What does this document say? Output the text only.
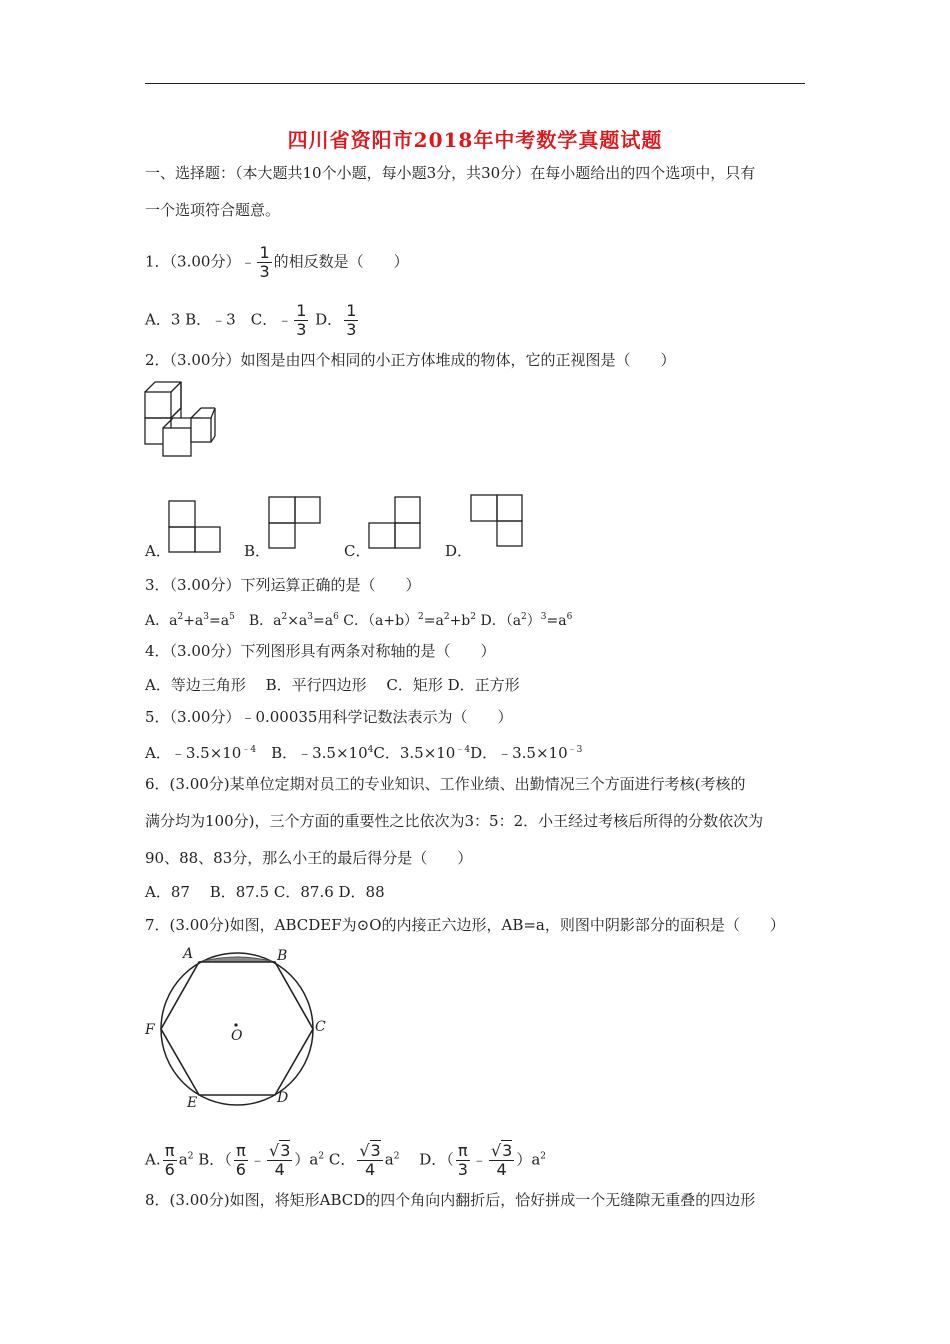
四川省资阳市2018年中考数学真题试题
一、选择题：（本大题共10个小题，每小题3分，共30分）在每小题给出的四个选项中，只有
一个选项符合题意。
1．（3.00分）﹣ $\frac{1}{3}$ 的相反数是（　　）
A．3 B．﹣3　C．﹣ $\frac{1}{3}$ D． $\frac{1}{3}$
2．（3.00分）如图是由四个相同的小正方体堆成的物体，它的正视图是（　　）
A．	B．	C．	D．
3．（3.00分）下列运算正确的是（　　）
A．$a^2+a^3=a^5$　B．$a^2\times a^3=a^6$ C．$(a+b)^2=a^2+b^2$ D．$(a^2)^3=a^6$
4．（3.00分）下列图形具有两条对称轴的是（　　）
A．等边三角形　 B．平行四边形　 C．矩形 D．正方形
5．（3.00分）﹣0.00035用科学记数法表示为（　　）
A．$﹣3.5\times 10^{﹣4}$　B．$﹣3.5\times 10^4C$．$3.5\times 10^{﹣4}D$．$﹣3.5\times 10^{﹣3}$
6．(3.00分)某单位定期对员工的专业知识、工作业绩、出勤情况三个方面进行考核(考核的
满分均为100分)，三个方面的重要性之比依次为3：5：2．小王经过考核后所得的分数依次为
90、88、83分，那么小王的最后得分是（　　）
A．87　 B．87.5 C．87.6 D．88
7．(3.00分)如图，ABCDEF为⊙O的内接正六边形，AB=a，则图中阴影部分的面积是（　　）
A	B
C
D
E
F	O
A. $\frac{\pi}{6} a^2$ B．（ $\frac{\pi}{6}$ ﹣ $\frac{√3}{4} )a^2$ C． $\frac{√3}{4} a^2$ 　D．（ $\frac{\pi}{3}$ ﹣ $\frac{√3}{4} )a^2$
8．(3.00分)如图，将矩形ABCD的四个角向内翻折后，恰好拼成一个无缝隙无重叠的四边形
